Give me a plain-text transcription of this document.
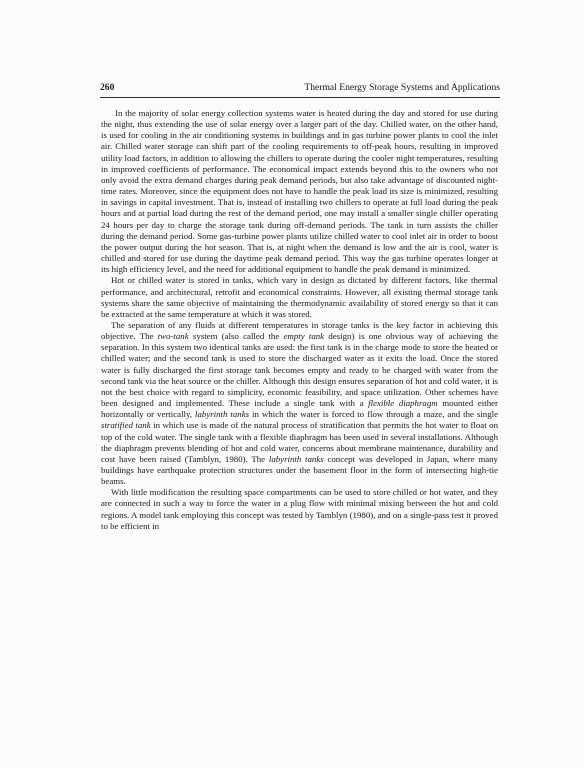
260	Thermal Energy Storage Systems and Applications

In the majority of solar energy collection systems water is heated during the day and stored for use during the night, thus extending the use of solar energy over a larger part of the day. Chilled water, on the other hand, is used for cooling in the air conditioning systems in buildings and in gas turbine power plants to cool the inlet air. Chilled water storage can shift part of the cooling requirements to off-peak hours, resulting in improved utility load factors, in addition to allowing the chillers to operate during the cooler night temperatures, resulting in improved coefficients of performance. The economical impact extends beyond this to the owners who not only avoid the extra demand charges during peak demand periods, but also take advantage of discounted night-time rates. Moreover, since the equipment does not have to handle the peak load its size is minimized, resulting in savings in capital investment. That is, instead of installing two chillers to operate at full load during the peak hours and at partial load during the rest of the demand period, one may install a smaller single chiller operating 24 hours per day to charge the storage tank during off-demand periods. The tank in turn assists the chiller during the demand period. Some gas-turbine power plants utilize chilled water to cool inlet air in order to boost the power output during the hot season. That is, at night when the demand is low and the air is cool, water is chilled and stored for use during the daytime peak demand period. This way the gas turbine operates longer at its high efficiency level, and the need for additional equipment to handle the peak demand is minimized.

Hot or chilled water is stored in tanks, which vary in design as dictated by different factors, like thermal performance, and architectural, retrofit and economical constraints. However, all existing thermal storage tank systems share the same objective of maintaining the thermodynamic availability of stored energy so that it can be extracted at the same temperature at which it was stored.

The separation of any fluids at different temperatures in storage tanks is the key factor in achieving this objective. The two-tank system (also called the empty tank design) is one obvious way of achieving the separation. In this system two identical tanks are used: the first tank is in the charge mode to store the heated or chilled water; and the second tank is used to store the discharged water as it exits the load. Once the stored water is fully discharged the first storage tank becomes empty and ready to be charged with water from the second tank via the heat source or the chiller. Although this design ensures separation of hot and cold water, it is not the best choice with regard to simplicity, economic feasibility, and space utilization. Other schemes have been designed and implemented. These include a single tank with a flexible diaphragm mounted either horizontally or vertically, labyrinth tanks in which the water is forced to flow through a maze, and the single stratified tank in which use is made of the natural process of stratification that permits the hot water to float on top of the cold water. The single tank with a flexible diaphragm has been used in several installations. Although the diaphragm prevents blending of hot and cold water, concerns about membrane maintenance, durability and cost have been raised (Tamblyn, 1980). The labyrinth tanks concept was developed in Japan, where many buildings have earthquake protection structures under the basement floor in the form of intersecting high-tie beams.

With little modification the resulting space compartments can be used to store chilled or hot water, and they are connected in such a way to force the water in a plug flow with minimal mixing between the hot and cold regions. A model tank employing this concept was tested by Tamblyn (1980), and on a single-pass test it proved to be efficient in
